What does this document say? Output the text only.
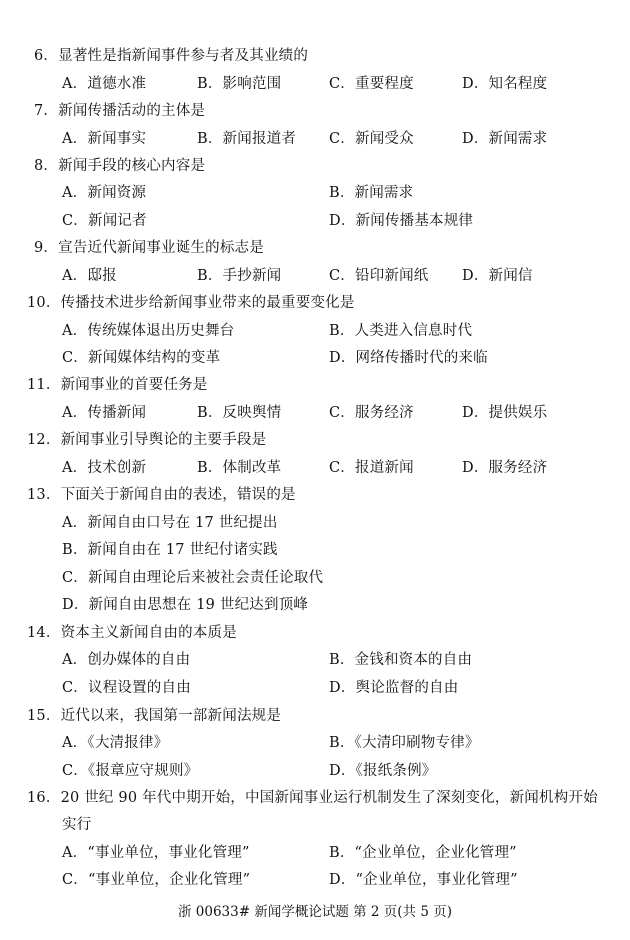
6．显著性是指新闻事件参与者及其业绩的
A．道德水准	B．影响范围	C．重要程度	D．知名程度
7．新闻传播活动的主体是
A．新闻事实	B．新闻报道者 C．新闻受众	D．新闻需求
8．新闻手段的核心内容是
A．新闻资源	B．新闻需求
C．新闻记者	D．新闻传播基本规律
9．宣告近代新闻事业诞生的标志是
A．邸报	B．手抄新闻	C．铅印新闻纸 D．新闻信
10．传播技术进步给新闻事业带来的最重要变化是
A．传统媒体退出历史舞台	B．人类进入信息时代
C．新闻媒体结构的变革	D．网络传播时代的来临
11．新闻事业的首要任务是
A．传播新闻	B．反映舆情	C．服务经济	D．提供娱乐
12．新闻事业引导舆论的主要手段是
A．技术创新	B．体制改革	C．报道新闻	D．服务经济
13．下面关于新闻自由的表述，错误的是
A．新闻自由口号在 17 世纪提出
B．新闻自由在 17 世纪付诸实践
C．新闻自由理论后来被社会责任论取代
D．新闻自由思想在 19 世纪达到顶峰
14．资本主义新闻自由的本质是
A．创办媒体的自由	B．金钱和资本的自由
C．议程设置的自由	D．舆论监督的自由
15．近代以来，我国第一部新闻法规是
A．《大清报律》	B．《大清印刷物专律》
C．《报章应守规则》	D．《报纸条例》
16．20 世纪 90 年代中期开始，中国新闻事业运行机制发生了深刻变化，新闻机构开始
实行
A．“事业单位，事业化管理”	B．“企业单位，企业化管理”
C．“事业单位，企业化管理”	D．“企业单位，事业化管理”
浙 00633# 新闻学概论试题 第 2 页(共 5 页)
